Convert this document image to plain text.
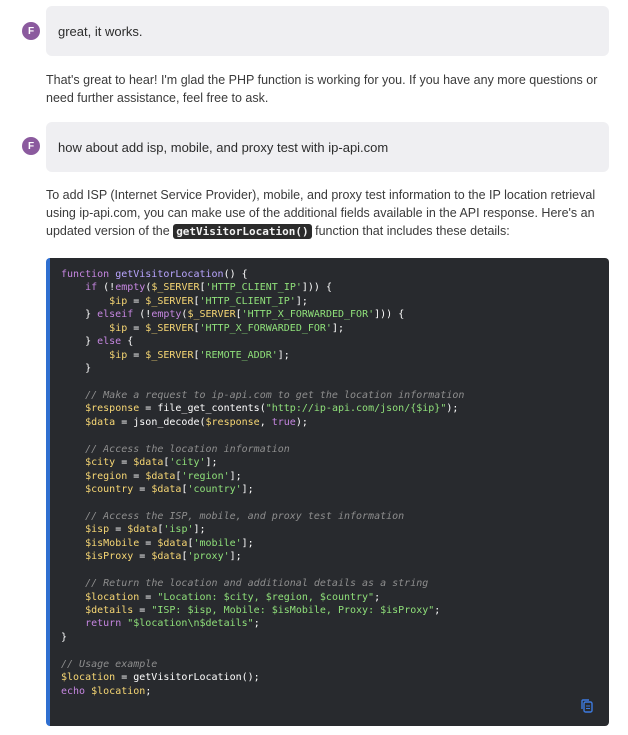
F	great, it works.
That's great to hear! I'm glad the PHP function is working for you. If you have any more questions or need further assistance, feel free to ask.
F	how about add isp, mobile, and proxy test with ip-api.com
To add ISP (Internet Service Provider), mobile, and proxy test information to the IP location retrieval using ip-api.com, you can make use of the additional fields available in the API response. Here's an updated version of the getVisitorLocation() function that includes these details:
function getVisitorLocation() {
if (!empty($_SERVER['HTTP_CLIENT_IP'])) {
$ip = $_SERVER['HTTP_CLIENT_IP'];
} elseif (!empty($_SERVER['HTTP_X_FORWARDED_FOR'])) {
$ip = $_SERVER['HTTP_X_FORWARDED_FOR'];
} else {
$ip = $_SERVER['REMOTE_ADDR'];
}

// Make a request to ip-api.com to get the location information
$response = file_get_contents("http://ip-api.com/json/{$ip}");
$data = json_decode($response, true);

// Access the location information
$city = $data['city'];
$region = $data['region'];
$country = $data['country'];

// Access the ISP, mobile, and proxy test information
$isp = $data['isp'];
$isMobile = $data['mobile'];
$isProxy = $data['proxy'];

// Return the location and additional details as a string
$location = "Location: $city, $region, $country";
$details = "ISP: $isp, Mobile: $isMobile, Proxy: $isProxy";
return "$location\n$details";
}

// Usage example
$location = getVisitorLocation();
echo $location;
